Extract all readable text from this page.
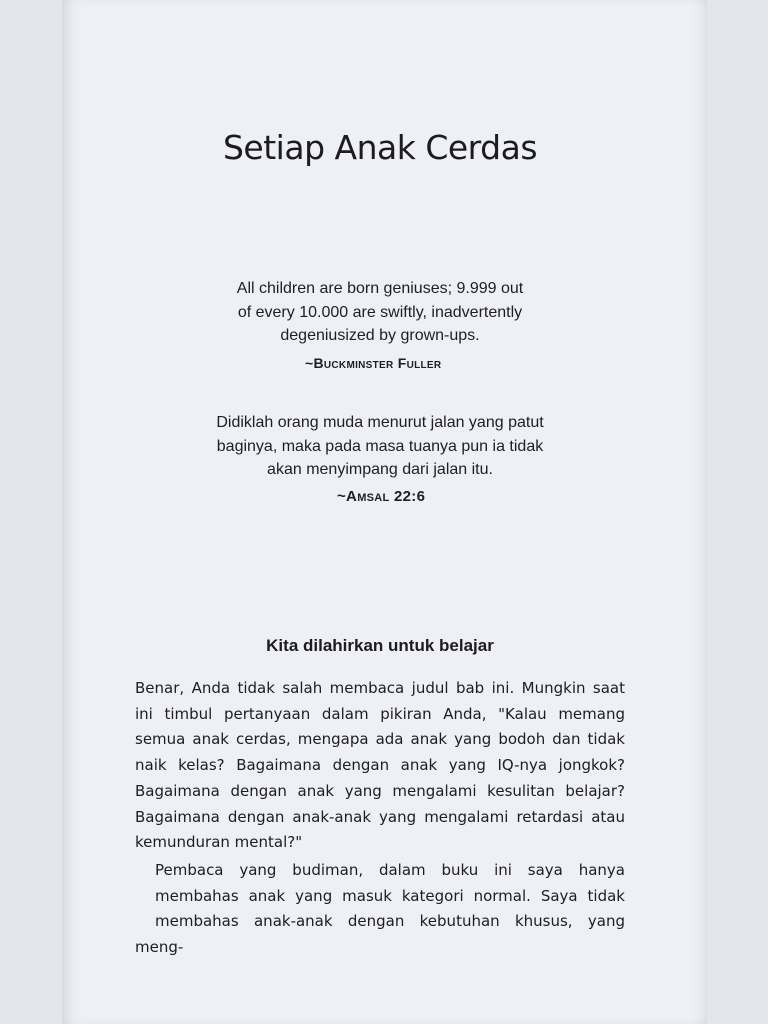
Setiap Anak Cerdas
All children are born geniuses; 9.999 out
of every 10.000 are swiftly, inadvertently
degeniusized by grown-ups.
~Buckminster Fuller
Didiklah orang muda menurut jalan yang patut
baginya, maka pada masa tuanya pun ia tidak
akan menyimpang dari jalan itu.
~Amsal 22:6
Kita dilahirkan untuk belajar

Benar, Anda tidak salah membaca judul bab ini. Mungkin saat
ini timbul pertanyaan dalam pikiran Anda, "Kalau memang
semua anak cerdas, mengapa ada anak yang bodoh dan tidak
naik kelas? Bagaimana dengan anak yang IQ-nya jongkok?
Bagaimana dengan anak yang mengalami kesulitan belajar?
Bagaimana dengan anak-anak yang mengalami retardasi atau
kemunduran mental?"

Pembaca yang budiman, dalam buku ini saya hanya
membahas anak yang masuk kategori normal. Saya tidak
membahas anak-anak dengan kebutuhan khusus, yang meng-
